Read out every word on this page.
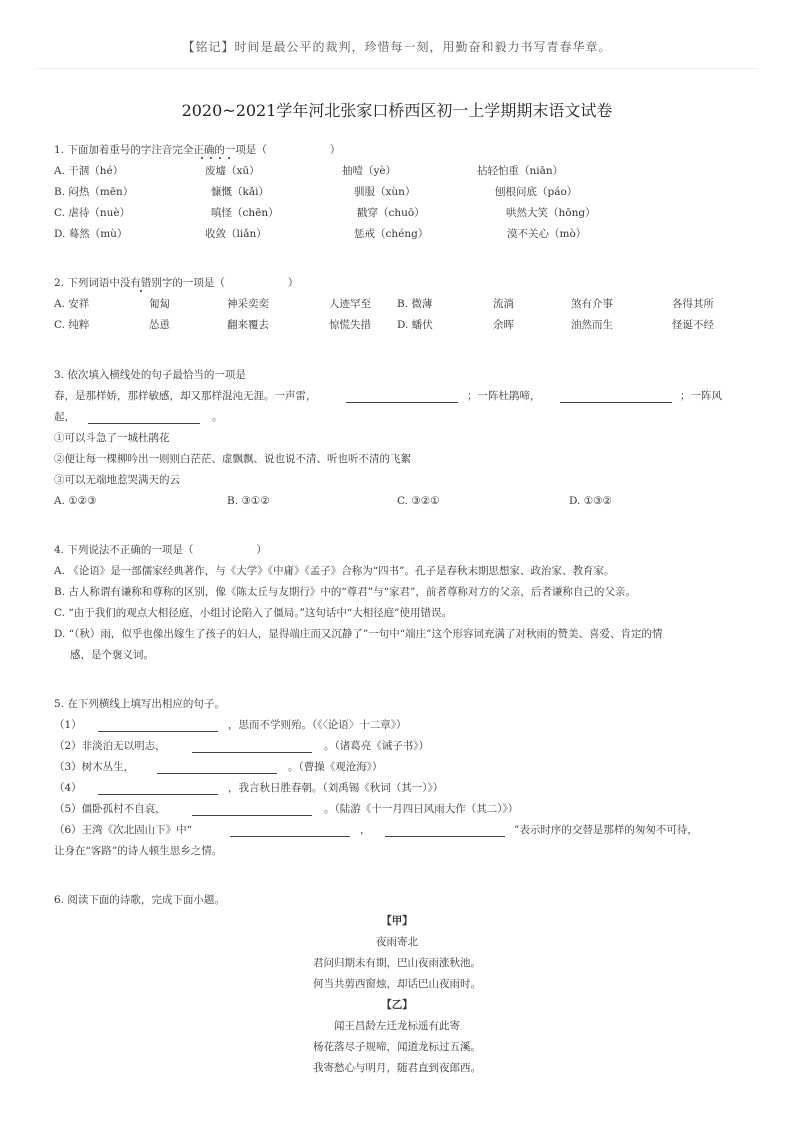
【铭记】时间是最公平的裁判，珍惜每一刻，用勤奋和毅力书写青春华章。
2020~2021学年河北张家口桥西区初一上学期期末语文试卷
1. 下面加着重号的字注音完全正确的一项是（　　　　　　）
A. 干涸（hé）	废墟（xū）	抽噎（yè）	拈轻怕重（niān）
B. 闷热（mēn）	慷慨（kǎi）	驯服（xùn）	刨根问底（páo）
C. 虐待（nuè）	嗔怪（chēn）	戳穿（chuō）	哄然大笑（hōng）
D. 蓦然（mù）	收敛（liǎn）	惩戒（chéng）	漠不关心（mò）
2. 下列词语中没有错别字的一项是（　　　　　　）
A. 安祥	匍匐	神采奕奕	人迹罕至 B. 微薄	流淌	煞有介事	各得其所
C. 纯粹	怂恿	翻来覆去	惊慌失措 D. 蟠伏	余晖	油然而生	怪诞不经
3. 依次填入横线处的句子最恰当的一项是
春，是那样娇，那样敏感，却又那样混沌无涯。一声雷，	；一阵杜鹃啼，	；一阵风
起，	。
①可以斗急了一城杜鹃花
②便让每一棵柳吟出一则则白茫茫、虚飘飘、说也说不清、听也听不清的飞絮
③可以无端地惹哭满天的云
A. ①②③	B. ③①②	C. ③②①	D. ①③②
4. 下列说法不正确的一项是（　　　　　　）
A. 《论语》是一部儒家经典著作，与《大学》《中庸》《孟子》合称为“四书”。孔子是春秋末期思想家、政治家、教育家。
B. 古人称谓有谦称和尊称的区别，像《陈太丘与友期行》中的“尊君”与“家君”，前者尊称对方的父亲，后者谦称自己的父亲。
C. “由于我们的观点大相径庭，小组讨论陷入了僵局。”这句话中“大相径庭”使用错误。
D. “（秋）雨，似乎也像出嫁生了孩子的妇人，显得端庄而又沉静了”一句中“端庄”这个形容词充满了对秋雨的赞美、喜爱、肯定的情
感，是个褒义词。
5. 在下列横线上填写出相应的句子。
（1）	，思而不学则殆。（《〈论语〉十二章》）
（2）非淡泊无以明志，	。（诸葛亮《诫子书》）
（3）树木丛生，	。（曹操《观沧海》）
（4）	，我言秋日胜春朝。（刘禹锡《秋词（其一）》）
（5）僵卧孤村不自哀，	。（陆游《十一月四日风雨大作（其二）》）
（6）王湾《次北固山下》中“	，	”表示时序的交替是那样的匆匆不可待，
让身在“客路”的诗人顿生思乡之情。
6. 阅读下面的诗歌，完成下面小题。
【甲】
夜雨寄北
君问归期未有期，巴山夜雨涨秋池。
何当共剪西窗烛，却话巴山夜雨时。
【乙】
闻王昌龄左迁龙标遥有此寄
杨花落尽子规啼，闻道龙标过五溪。
我寄愁心与明月，随君直到夜郎西。
